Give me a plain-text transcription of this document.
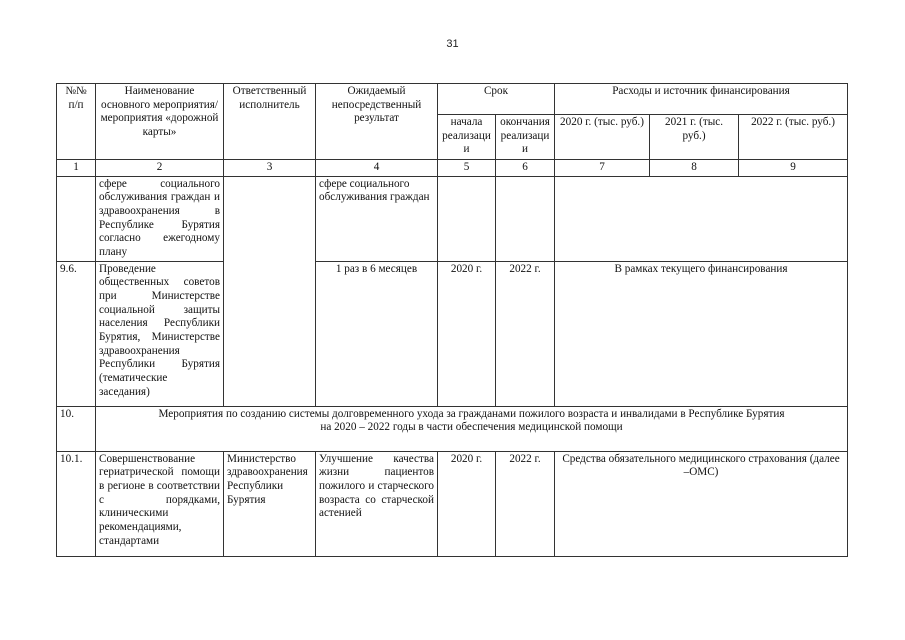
31
№№ п/п	Наименование основного мероприятия/мероприятия «дорожной карты»	Ответственный исполнитель	Ожидаемый непосредственный результат	Срок		Расходы и источник финансирования		
				начала реализации	окончания реализации	2020 г. (тыс. руб.)	2021 г. (тыс. руб.)	2022 г. (тыс. руб.)
1	2	3	4	5	6	7	8	9
	сфере социального обслуживания граждан и здравоохранения в Республике Бурятия согласно ежегодному плану		сфере социального обслуживания граждан					
9.6.	Проведение общественных советов при Министерстве социальной защиты населения Республики Бурятия, Министерстве здравоохранения Республики Бурятия (тематические заседания)		1 раз в 6 месяцев	2020 г.	2022 г.	В рамках текущего финансирования		
10.	Мероприятия по созданию системы долговременного ухода за гражданами пожилого возраста и инвалидами в Республике Бурятия на 2020 – 2022 годы в части обеспечения медицинской помощи							
10.1.	Совершенствование гериатрической помощи в регионе в соответствии с порядками, клиническими рекомендациями, стандартами	Министерство здравоохранения Республики Бурятия	Улучшение качества жизни пациентов пожилого и старческого возраста со старческой астенией	2020 г.	2022 г.	Средства обязательного медицинского страхования (далее –ОМС)		
